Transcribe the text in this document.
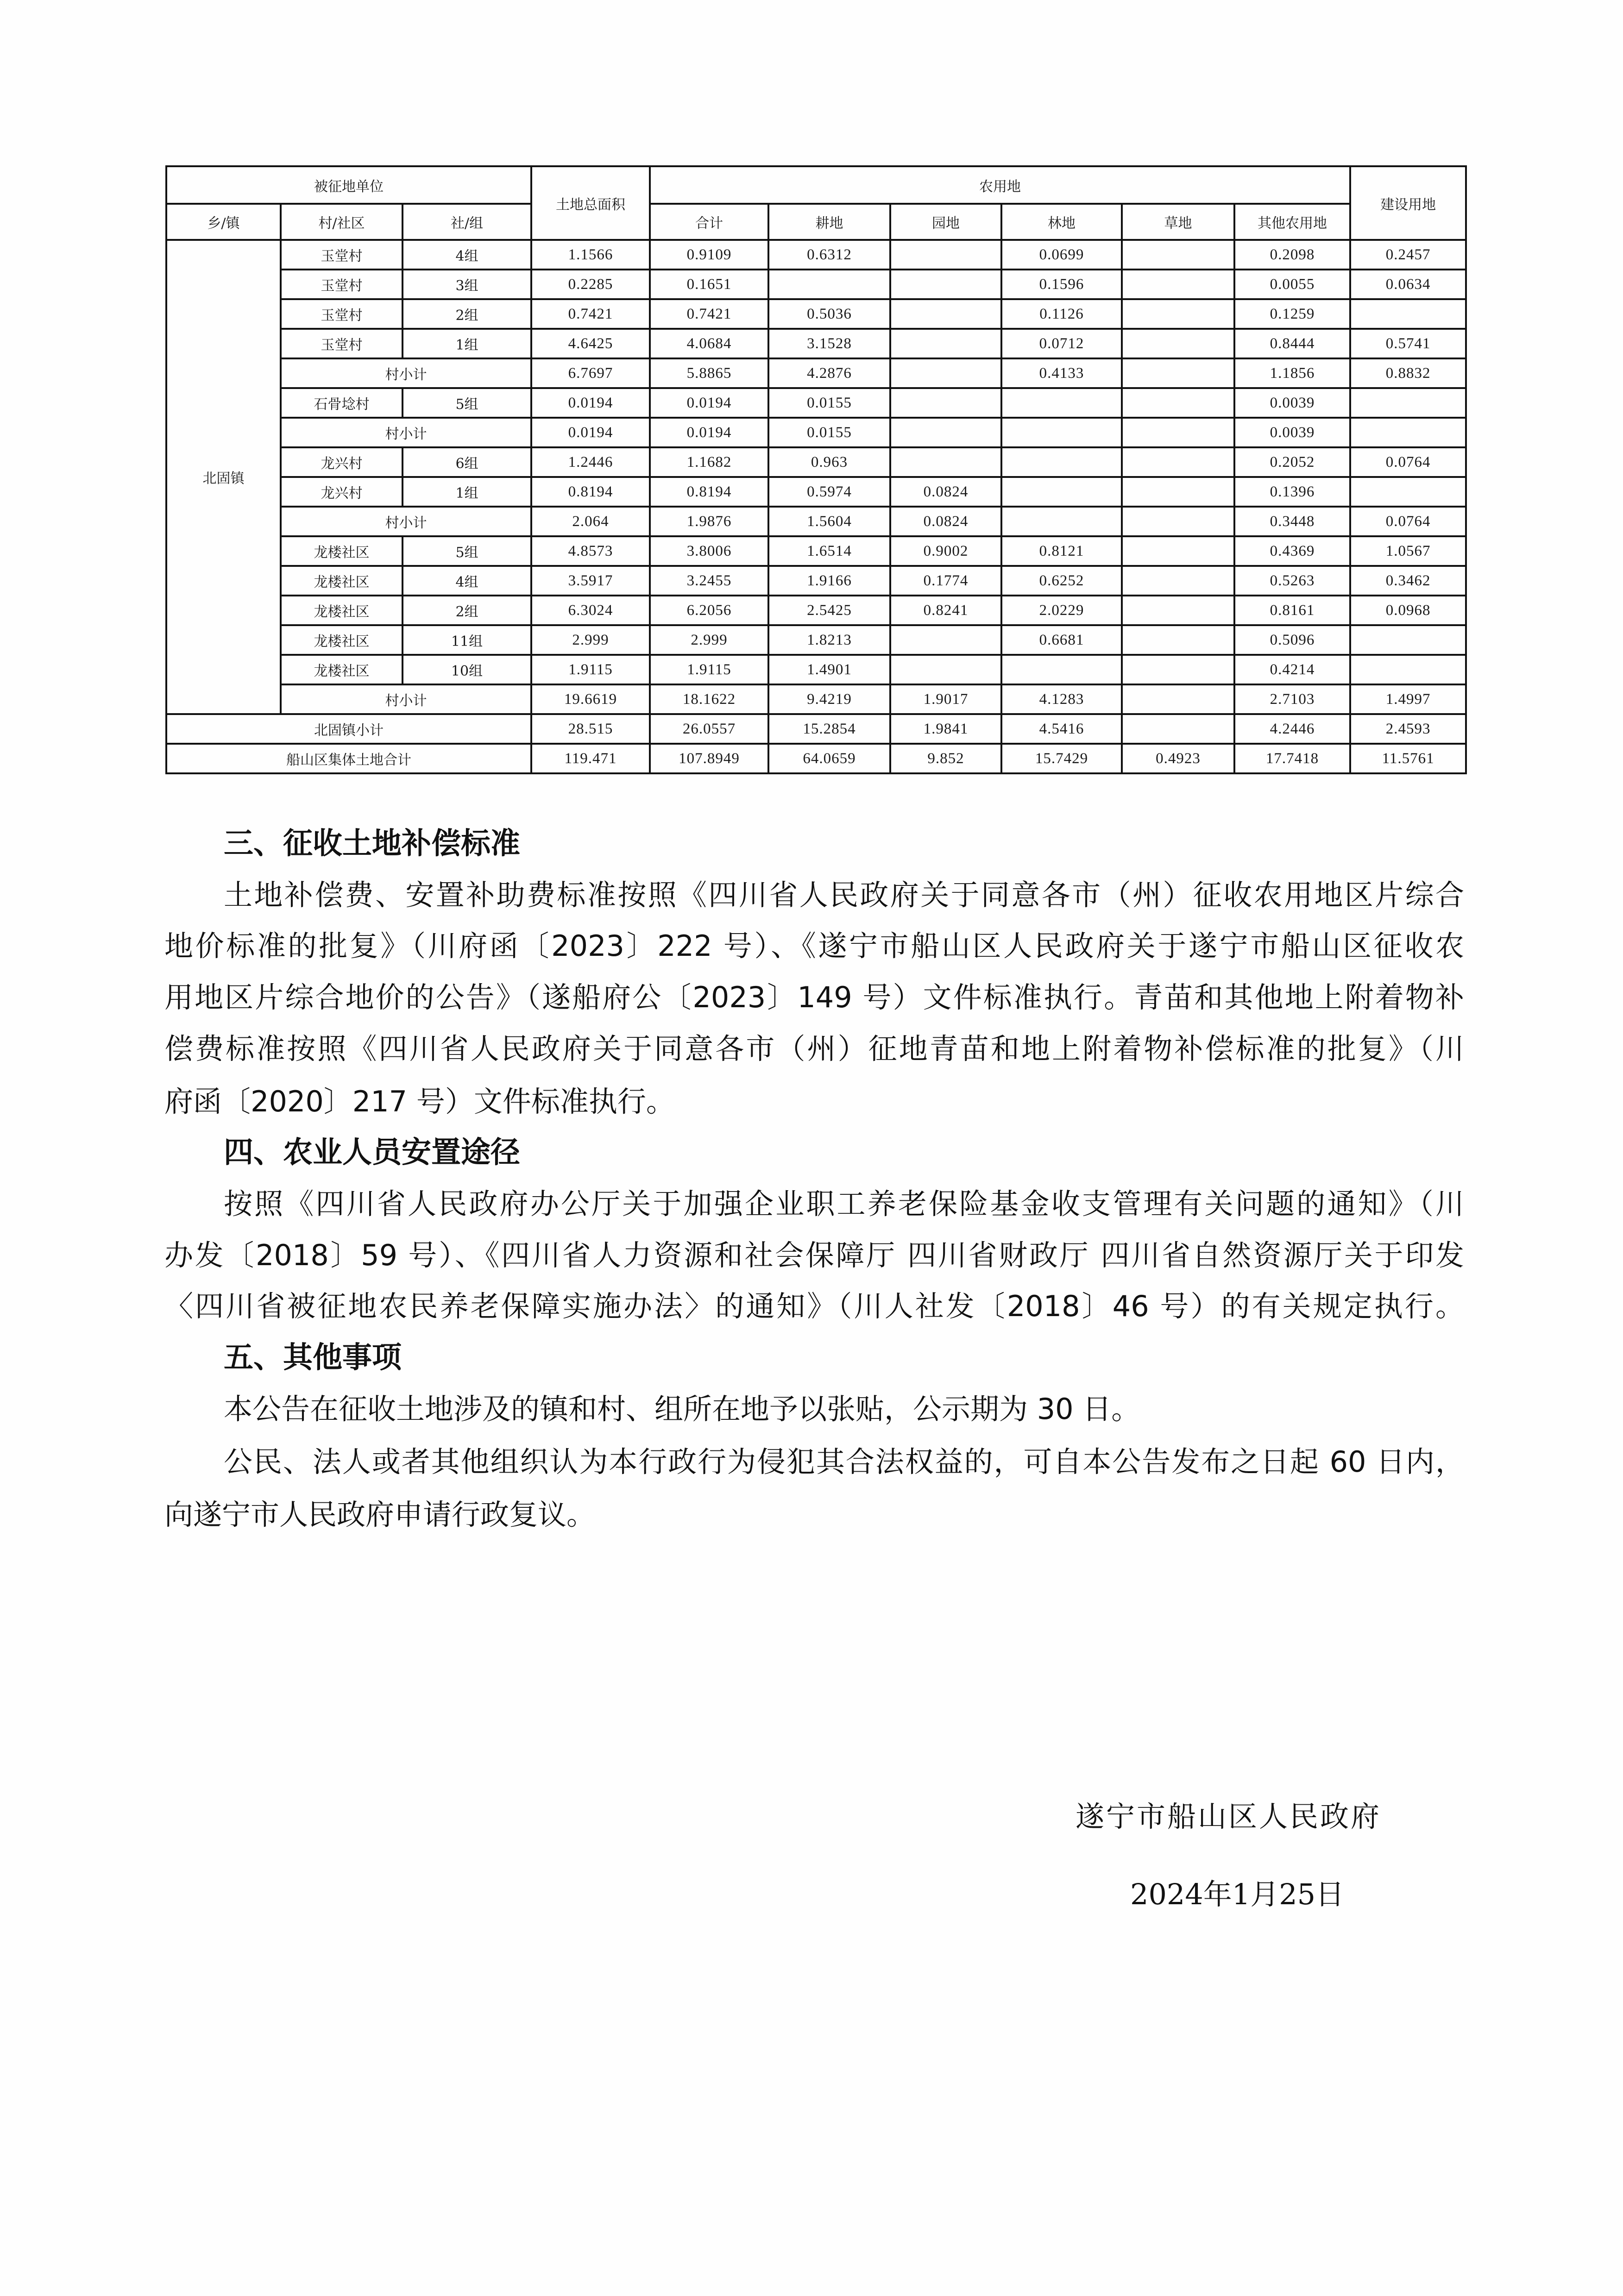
被征地单位			土地总面积	农用地						建设用地
乡/镇	村/社区	社/组		合计	耕地	园地	林地	草地	其他农用地	
北固镇	玉堂村	4组	1.1566	0.9109	0.6312		0.0699		0.2098	0.2457
	玉堂村	3组	0.2285	0.1651			0.1596		0.0055	0.0634
	玉堂村	2组	0.7421	0.7421	0.5036		0.1126		0.1259	
	玉堂村	1组	4.6425	4.0684	3.1528		0.0712		0.8444	0.5741
	村小计		6.7697	5.8865	4.2876		0.4133		1.1856	0.8832
	石骨埝村	5组	0.0194	0.0194	0.0155				0.0039	
	村小计		0.0194	0.0194	0.0155				0.0039	
	龙兴村	6组	1.2446	1.1682	0.963				0.2052	0.0764
	龙兴村	1组	0.8194	0.8194	0.5974	0.0824			0.1396	
	村小计		2.064	1.9876	1.5604	0.0824			0.3448	0.0764
	龙楼社区	5组	4.8573	3.8006	1.6514	0.9002	0.8121		0.4369	1.0567
	龙楼社区	4组	3.5917	3.2455	1.9166	0.1774	0.6252		0.5263	0.3462
	龙楼社区	2组	6.3024	6.2056	2.5425	0.8241	2.0229		0.8161	0.0968
	龙楼社区	11组	2.999	2.999	1.8213		0.6681		0.5096	
	龙楼社区	10组	1.9115	1.9115	1.4901				0.4214	
	村小计		19.6619	18.1622	9.4219	1.9017	4.1283		2.7103	1.4997
北固镇小计			28.515	26.0557	15.2854	1.9841	4.5416		4.2446	2.4593
船山区集体土地合计			119.471	107.8949	64.0659	9.852	15.7429	0.4923	17.7418	11.5761
三、征收土地补偿标准
土地补偿费、安置补助费标准按照《四川省人民政府关于同意各市（州）征收农用地区片综合
地价标准的批复》（川府函〔2023〕222 号）、《遂宁市船山区人民政府关于遂宁市船山区征收农
用地区片综合地价的公告》（遂船府公〔2023〕149 号）文件标准执行。青苗和其他地上附着物补
偿费标准按照《四川省人民政府关于同意各市（州）征地青苗和地上附着物补偿标准的批复》（川
府函〔2020〕217 号）文件标准执行。
四、农业人员安置途径
按照《四川省人民政府办公厅关于加强企业职工养老保险基金收支管理有关问题的通知》（川
办发〔2018〕59 号）、《四川省人力资源和社会保障厅 四川省财政厅 四川省自然资源厅关于印发
〈四川省被征地农民养老保障实施办法〉的通知》（川人社发〔2018〕46 号）的有关规定执行。
五、其他事项
本公告在征收土地涉及的镇和村、组所在地予以张贴，公示期为 30 日。
公民、法人或者其他组织认为本行政行为侵犯其合法权益的，可自本公告发布之日起 60 日内，
向遂宁市人民政府申请行政复议。
遂宁市船山区人民政府
2024年1月25日
